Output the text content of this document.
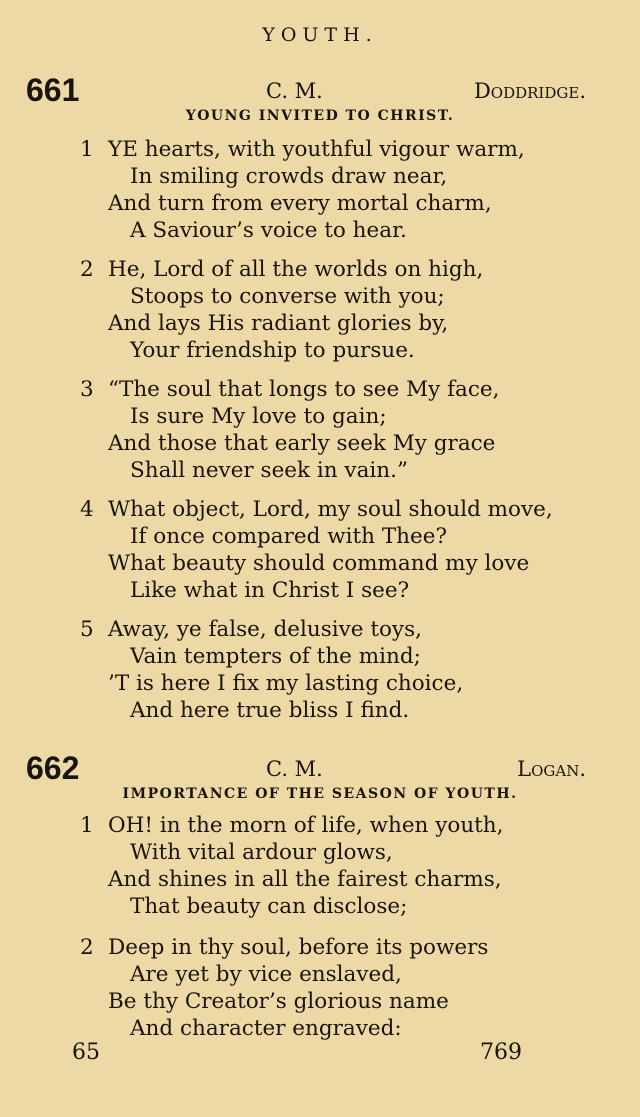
YOUTH.
661	C. M.	Doddridge.
YOUNG INVITED TO CHRIST.
1 YE hearts, with youthful vigour warm,
In smiling crowds draw near,
And turn from every mortal charm,
A Saviour’s voice to hear.
2 He, Lord of all the worlds on high,
Stoops to converse with you;
And lays His radiant glories by,
Your friendship to pursue.
3 “The soul that longs to see My face,
Is sure My love to gain;
And those that early seek My grace
Shall never seek in vain.”
4 What object, Lord, my soul should move,
If once compared with Thee?
What beauty should command my love
Like what in Christ I see?
5 Away, ye false, delusive toys,
Vain tempters of the mind;
’T is here I fix my lasting choice,
And here true bliss I find.
662	C. M.	Logan.
IMPORTANCE OF THE SEASON OF YOUTH.
1 OH! in the morn of life, when youth,
With vital ardour glows,
And shines in all the fairest charms,
That beauty can disclose;
2 Deep in thy soul, before its powers
Are yet by vice enslaved,
Be thy Creator’s glorious name
And character engraved:
65	769
